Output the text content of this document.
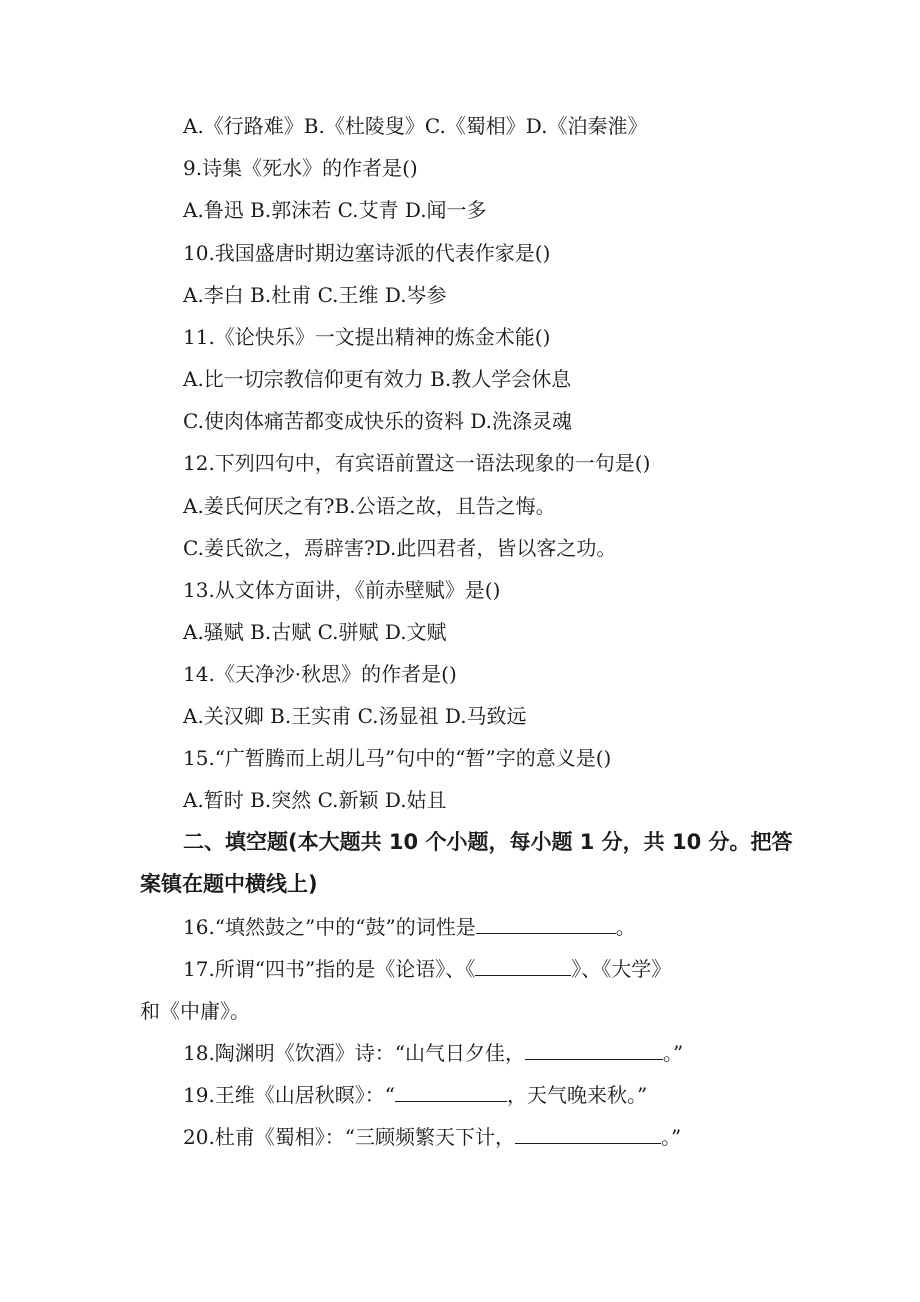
A.《行路难》B.《杜陵叟》C.《蜀相》D.《泊秦淮》
9.诗集《死水》的作者是()
A.鲁迅 B.郭沫若 C.艾青 D.闻一多
10.我国盛唐时期边塞诗派的代表作家是()
A.李白 B.杜甫 C.王维 D.岑参
11.《论快乐》一文提出精神的炼金术能()
A.比一切宗教信仰更有效力 B.教人学会休息
C.使肉体痛苦都变成快乐的资料 D.洗涤灵魂
12.下列四句中，有宾语前置这一语法现象的一句是()
A.姜氏何厌之有?B.公语之故，且告之悔。
C.姜氏欲之，焉辟害?D.此四君者，皆以客之功。
13.从文体方面讲，《前赤壁赋》是()
A.骚赋 B.古赋 C.骈赋 D.文赋
14.《天净沙·秋思》的作者是()
A.关汉卿 B.王实甫 C.汤显祖 D.马致远
15.“广暂腾而上胡儿马”句中的“暂”字的意义是()
A.暂时 B.突然 C.新颖 D.姑且
二、填空题(本大题共 10 个小题，每小题 1 分，共 10 分。把答
案镇在题中横线上)
16.“填然鼓之”中的“鼓”的词性是	。
17.所谓“四书”指的是《论语》、《	》、《大学》
和《中庸》。
18.陶渊明《饮酒》诗：“山气日夕佳，	。”
19.王维《山居秋暝》：“	，天气晚来秋。”
20.杜甫《蜀相》：“三顾频繁天下计，	。”
